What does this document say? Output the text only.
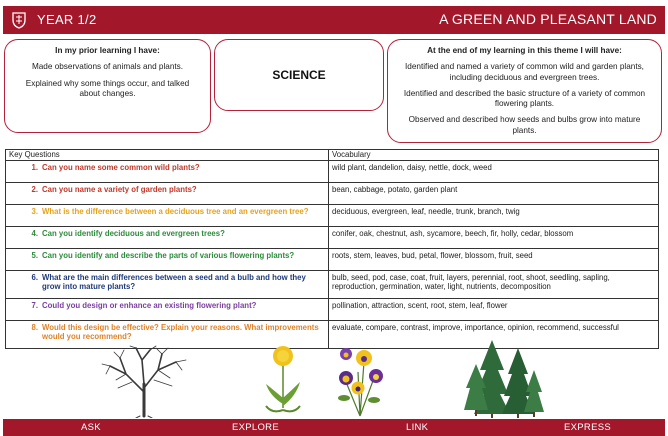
YEAR 1/2	A GREEN AND PLEASANT LAND
In my prior learning I have:

Made observations of animals and plants.

Explained why some things occur, and talked about changes.

SCIENCE
At the end of my learning in this theme I will have:

Identified and named a variety of common wild and garden plants, including deciduous and evergreen trees.

Identified and described the basic structure of a variety of common flowering plants.

Observed and described how seeds and bulbs grow into mature plants.

Key Questions	Vocabulary

1. Can you name some common wild plants?	wild plant, dandelion, daisy, nettle, dock, weed

2. Can you name a variety of garden plants?	bean, cabbage, potato, garden plant

3. What is the difference between a deciduous tree and an evergreen tree?	deciduous, evergreen, leaf, needle, trunk, branch, twig

4. Can you identify deciduous and evergreen trees?	conifer, oak, chestnut, ash, sycamore, beech, fir, holly, cedar, blossom

5. Can you identify and describe the parts of various flowering plants?	roots, stem, leaves, bud, petal, flower, blossom, fruit, seed

6. What are the main differences between a seed and a bulb and how they grow into mature plants?	bulb, seed, pod, case, coat, fruit, layers, perennial, root, shoot, seedling, sapling, reproduction, germination, water, light, nutrients, decomposition

7. Could you design or enhance an existing flowering plant?	pollination, attraction, scent, root, stem, leaf, flower

8. Would this design be effective? Explain your reasons. What improvements would you recommend?	evaluate, compare, contrast, improve, importance, opinion, recommend, successful
ASK	EXPLORE	LINK	EXPRESS
